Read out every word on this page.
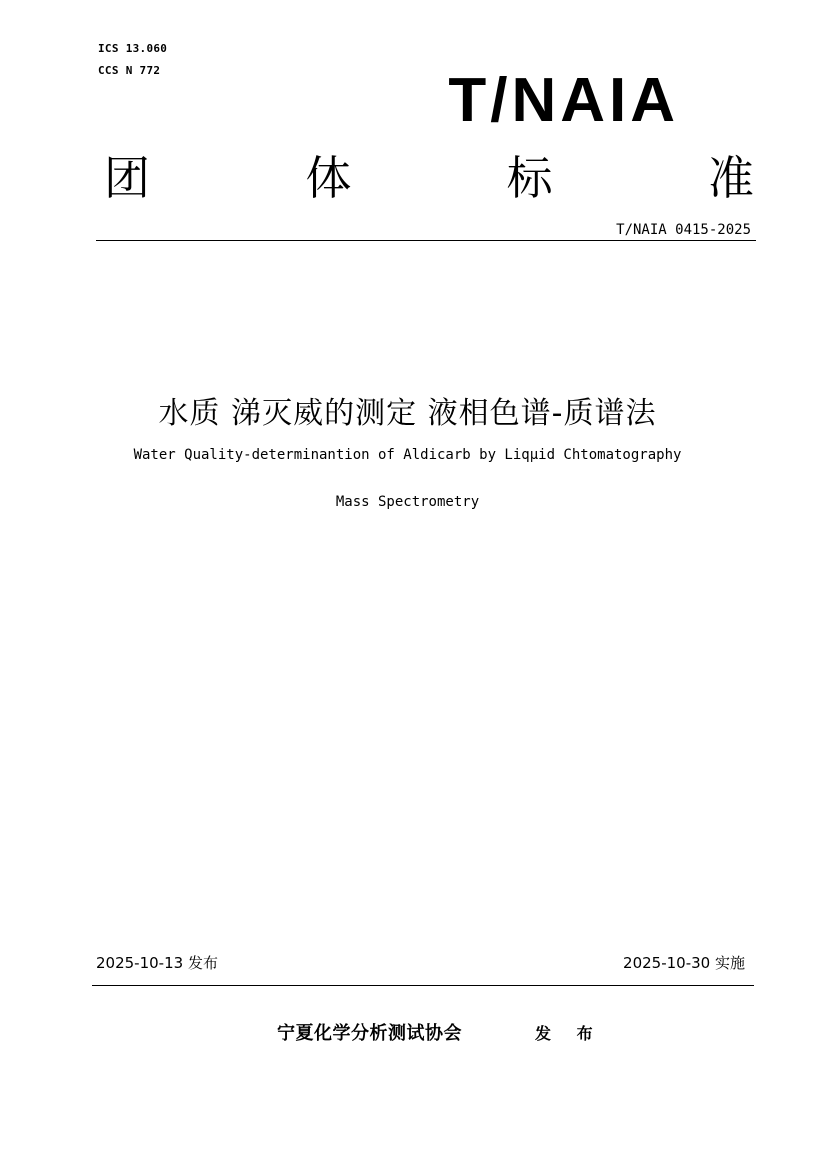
ICS 13.060
CCS N 772	T/NAIA
团	体	标	准
T/NAIA 0415-2025
水质 涕灭威的测定 液相色谱-质谱法
Water Quality-determinantion of Aldicarb by Liqμid Chtomatography
Mass Spectrometry
2025-10-13 发布	2025-10-30 实施
宁夏化学分析测试协会	发 布
